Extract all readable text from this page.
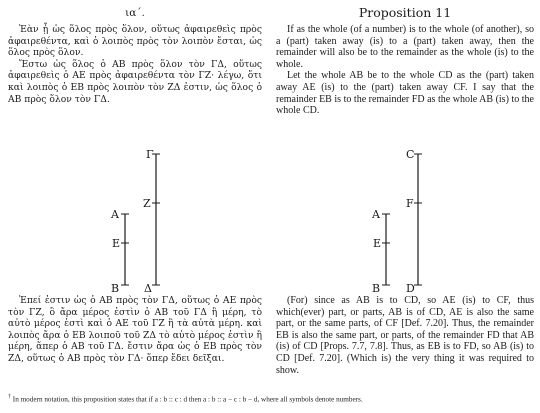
ια΄.

Ἐὰν ᾖ ὡς ὅλος πρὸς ὅλον, οὕτως ἀφαιρεθεὶς πρὸς ἀφαιρεθέντα, καὶ ὁ λοιπὸς πρὸς τὸν λοιπὸν ἔσται, ὡς ὅλος πρὸς ὅλον.

Ἔστω ὡς ὅλος ὁ ΑΒ πρὸς ὅλον τὸν ΓΔ, οὕτως ἀφαιρεθεὶς ὁ ΑΕ πρὸς ἀφαιρεθέντα τὸν ΓΖ· λέγω, ὅτι καὶ λοιπὸς ὁ ΕΒ πρὸς λοιπὸν τὸν ΖΔ ἐστιν, ὡς ὅλος ὁ ΑΒ πρὸς ὅλον τὸν ΓΔ.

Α
Ε
Β
Γ
Ζ
Δ

Ἐπεί ἐστιν ὡς ὁ ΑΒ πρὸς τὸν ΓΔ, οὕτως ὁ ΑΕ πρὸς τὸν ΓΖ, ὃ ἄρα μέρος ἐστὶν ὁ ΑΒ τοῦ ΓΔ ἢ μέρη, τὸ αὐτὸ μέρος ἐστὶ καὶ ὁ ΑΕ τοῦ ΓΖ ἢ τὰ αὐτὰ μέρη. καὶ λοιπὸς ἄρα ὁ ΕΒ λοιποῦ τοῦ ΖΔ τὸ αὐτὸ μέρος ἐστὶν ἢ μέρη, ἅπερ ὁ ΑΒ τοῦ ΓΔ. ἔστιν ἄρα ὡς ὁ ΕΒ πρὸς τὸν ΖΔ, οὕτως ὁ ΑΒ πρὸς τὸν ΓΔ· ὅπερ ἔδει δεῖξαι.

Proposition 11

If as the whole (of a number) is to the whole (of another), so a (part) taken away (is) to a (part) taken away, then the remainder will also be to the remainder as the whole (is) to the whole.

Let the whole AB be to the whole CD as the (part) taken away AE (is) to the (part) taken away CF. I say that the remainder EB is to the remainder FD as the whole AB (is) to the whole CD.

A
E
B
C
F
D

(For) since as AB is to CD, so AE (is) to CF, thus which(ever) part, or parts, AB is of CD, AE is also the same part, or the same parts, of CF [Def. 7.20]. Thus, the remainder EB is also the same part, or parts, of the remainder FD that AB (is) of CD [Props. 7.7, 7.8]. Thus, as EB is to FD, so AB (is) to CD [Def. 7.20]. (Which is) the very thing it was required to show.

† In modern notation, this proposition states that if a : b :: c : d then a : b :: a − c : b − d, where all symbols denote numbers.
